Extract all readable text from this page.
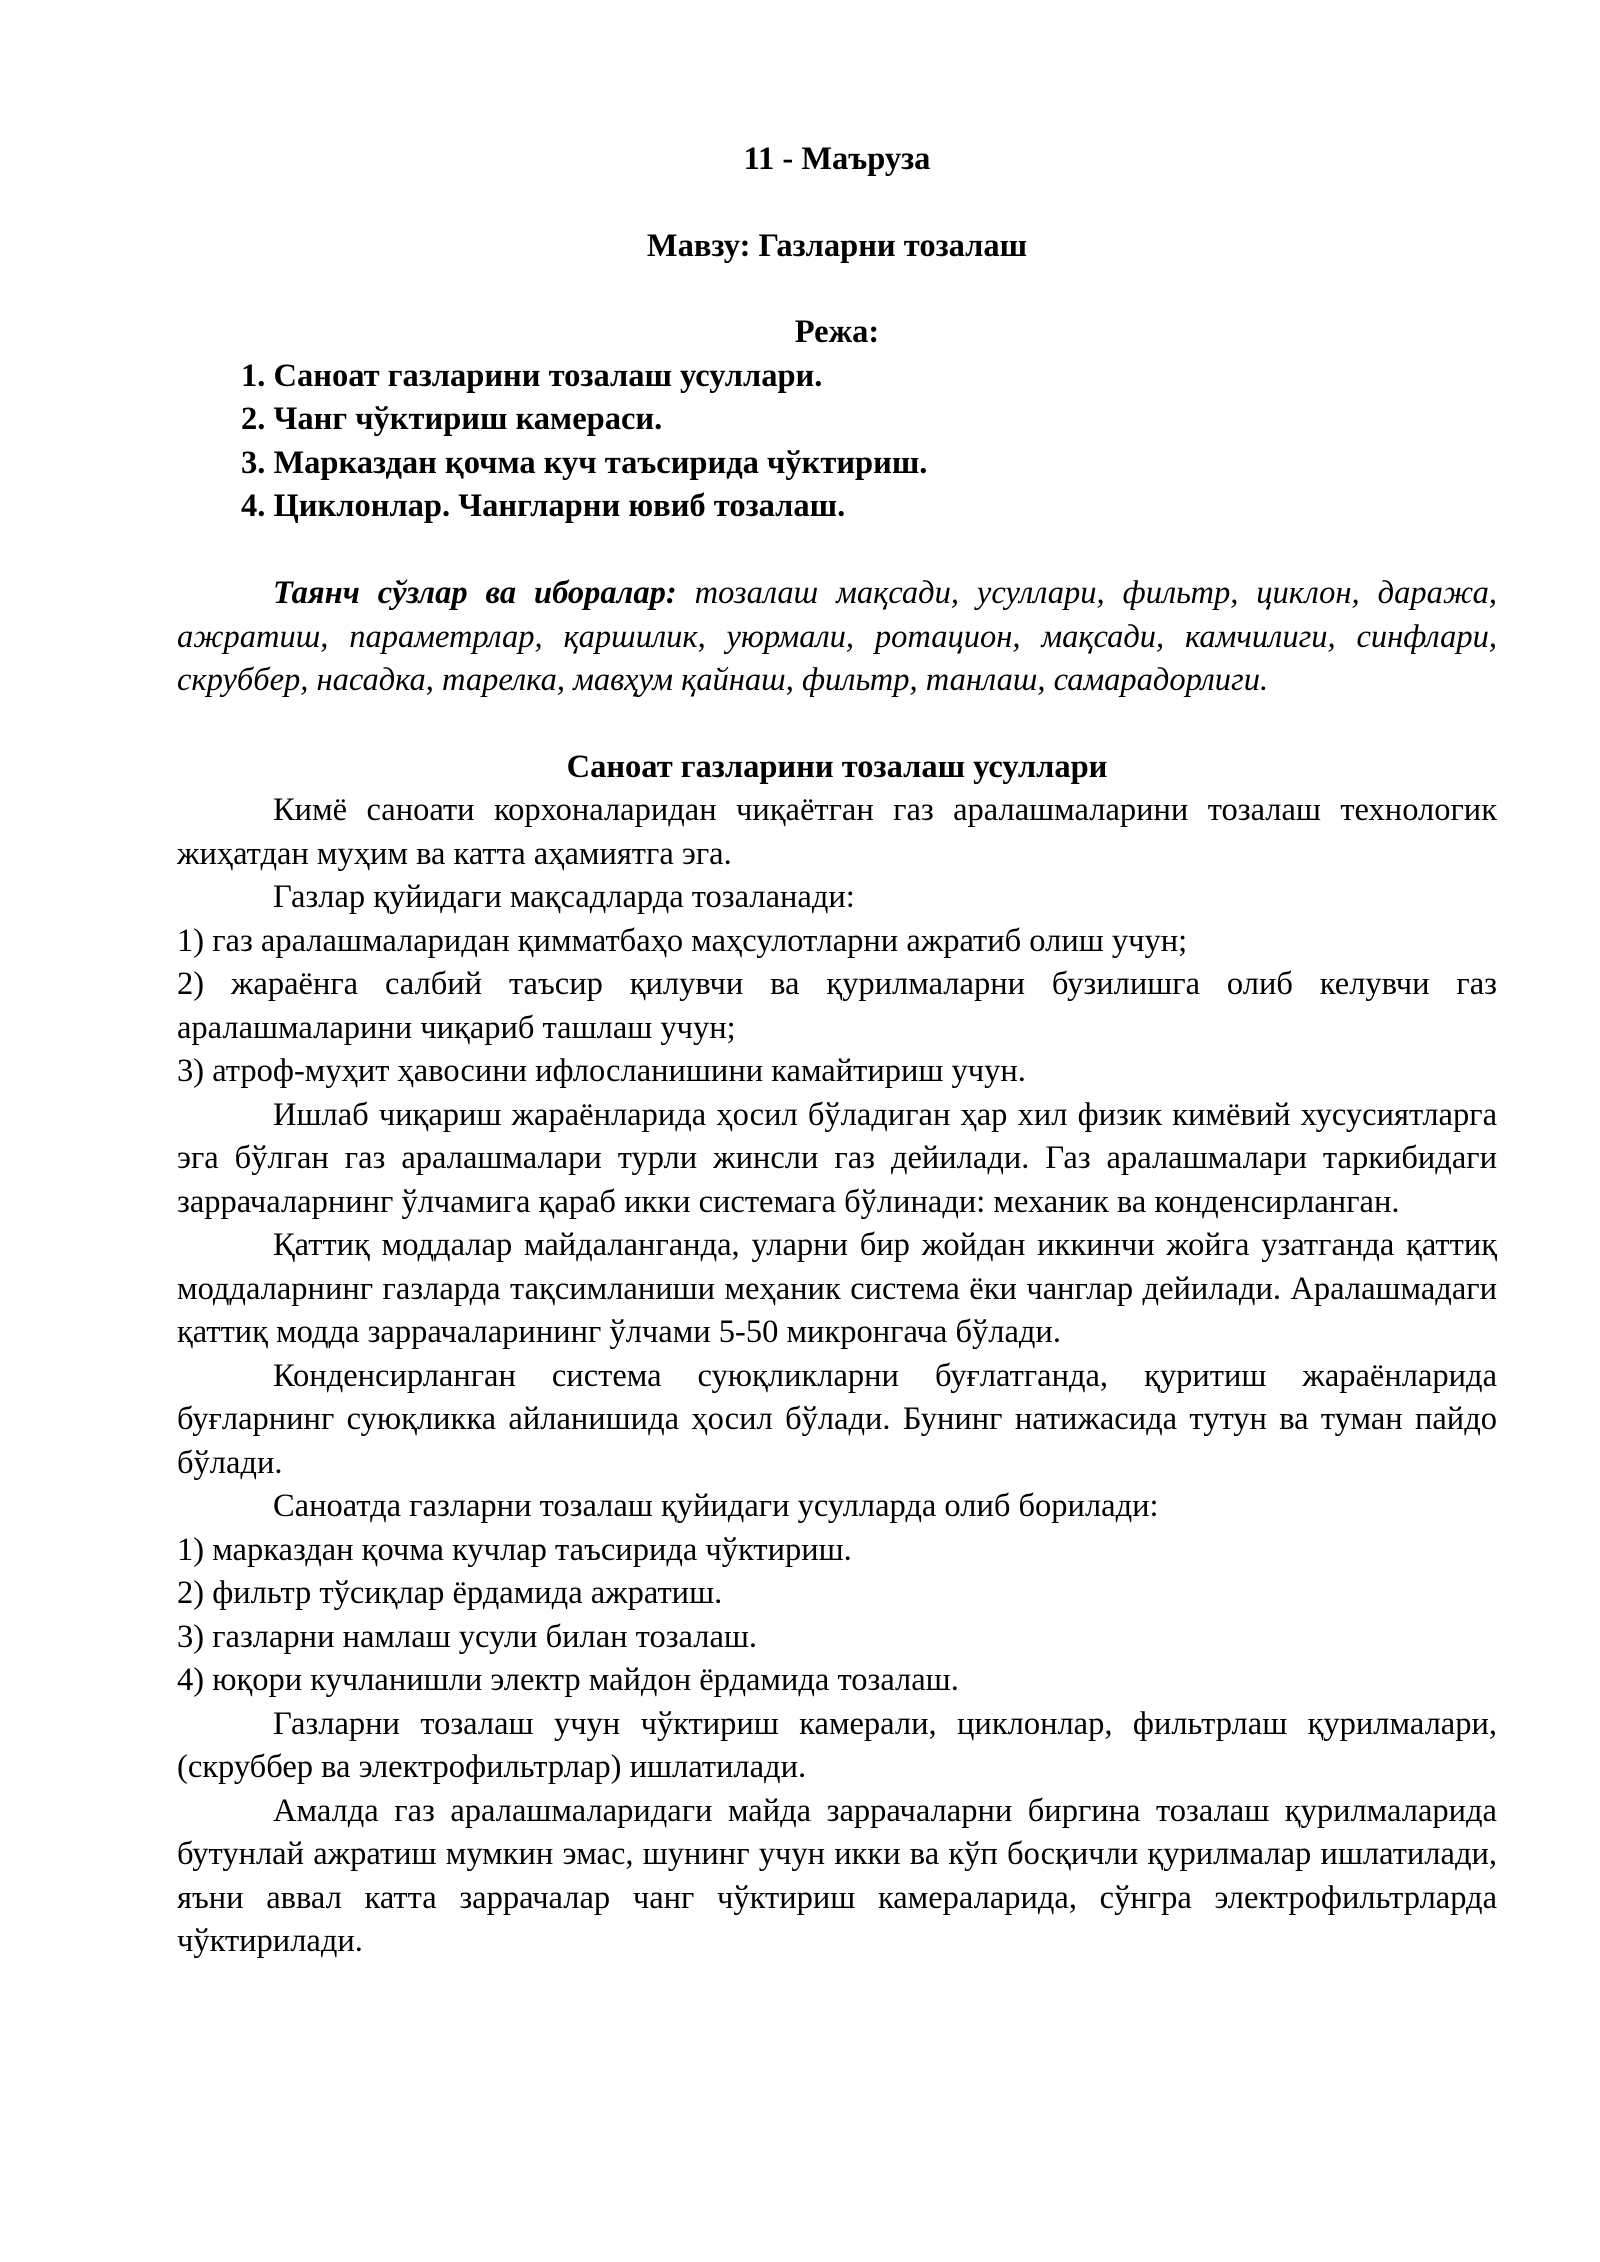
11 - Маъруза
Мавзу: Газларни тозалаш
Режа:
1. Саноат газларини тозалаш усуллари.
2. Чанг чўктириш камераси.
3. Марказдан қочма куч таъсирида чўктириш.
4. Циклонлар. Чангларни ювиб тозалаш.

Таянч сўзлар ва иборалар: тозалаш мақсади, усуллари, фильтр, циклон, даража, ажратиш, параметрлар, қаршилик, уюрмали, ротацион, мақсади, камчилиги, синфлари, скруббер, насадка, тарелка, мавҳум қайнаш, фильтр, танлаш, самарадорлиги.

Саноат газларини тозалаш усуллари

Кимё саноати корхоналаридан чиқаётган газ аралашмаларини тозалаш технологик жиҳатдан муҳим ва катта аҳамиятга эга.

Газлар қуйидаги мақсадларда тозаланади:

1) газ аралашмаларидан қимматбаҳо маҳсулотларни ажратиб олиш учун;

2) жараёнга салбий таъсир қилувчи ва қурилмаларни бузилишга олиб келувчи газ аралашмаларини чиқариб ташлаш учун;

3) атроф-муҳит ҳавосини ифлосланишини камайтириш учун.

Ишлаб чиқариш жараёнларида ҳосил бўладиган ҳар хил физик кимёвий хусусиятларга эга бўлган газ аралашмалари турли жинсли газ дейилади. Газ аралашмалари таркибидаги заррачаларнинг ўлчамига қараб икки системага бўлинади: механик ва конденсирланган.

Қаттиқ моддалар майдаланганда, уларни бир жойдан иккинчи жойга узатганда қаттиқ моддаларнинг газларда тақсимланиши меҳаник система ёки чанглар дейилади. Аралашмадаги қаттиқ модда заррачаларининг ўлчами 5-50 микронгача бўлади.

Конденсирланган система суюқликларни буғлатганда, қуритиш жараёнларида буғларнинг суюқликка айланишида ҳосил бўлади. Бунинг натижасида тутун ва туман пайдо бўлади.

Саноатда газларни тозалаш қуйидаги усулларда олиб борилади:

1) марказдан қочма кучлар таъсирида чўктириш.

2) фильтр тўсиқлар ёрдамида ажратиш.

3) газларни намлаш усули билан тозалаш.

4) юқори кучланишли электр майдон ёрдамида тозалаш.

Газларни тозалаш учун чўктириш камерали, циклонлар, фильтрлаш қурилмалари, (скруббер ва электрофильтрлар) ишлатилади.

Амалда газ аралашмаларидаги майда заррачаларни биргина тозалаш қурилмаларида бутунлай ажратиш мумкин эмас, шунинг учун икки ва кўп босқичли қурилмалар ишлатилади, яъни аввал катта заррачалар чанг чўктириш камераларида, сўнгра электрофильтрларда чўктирилади.
